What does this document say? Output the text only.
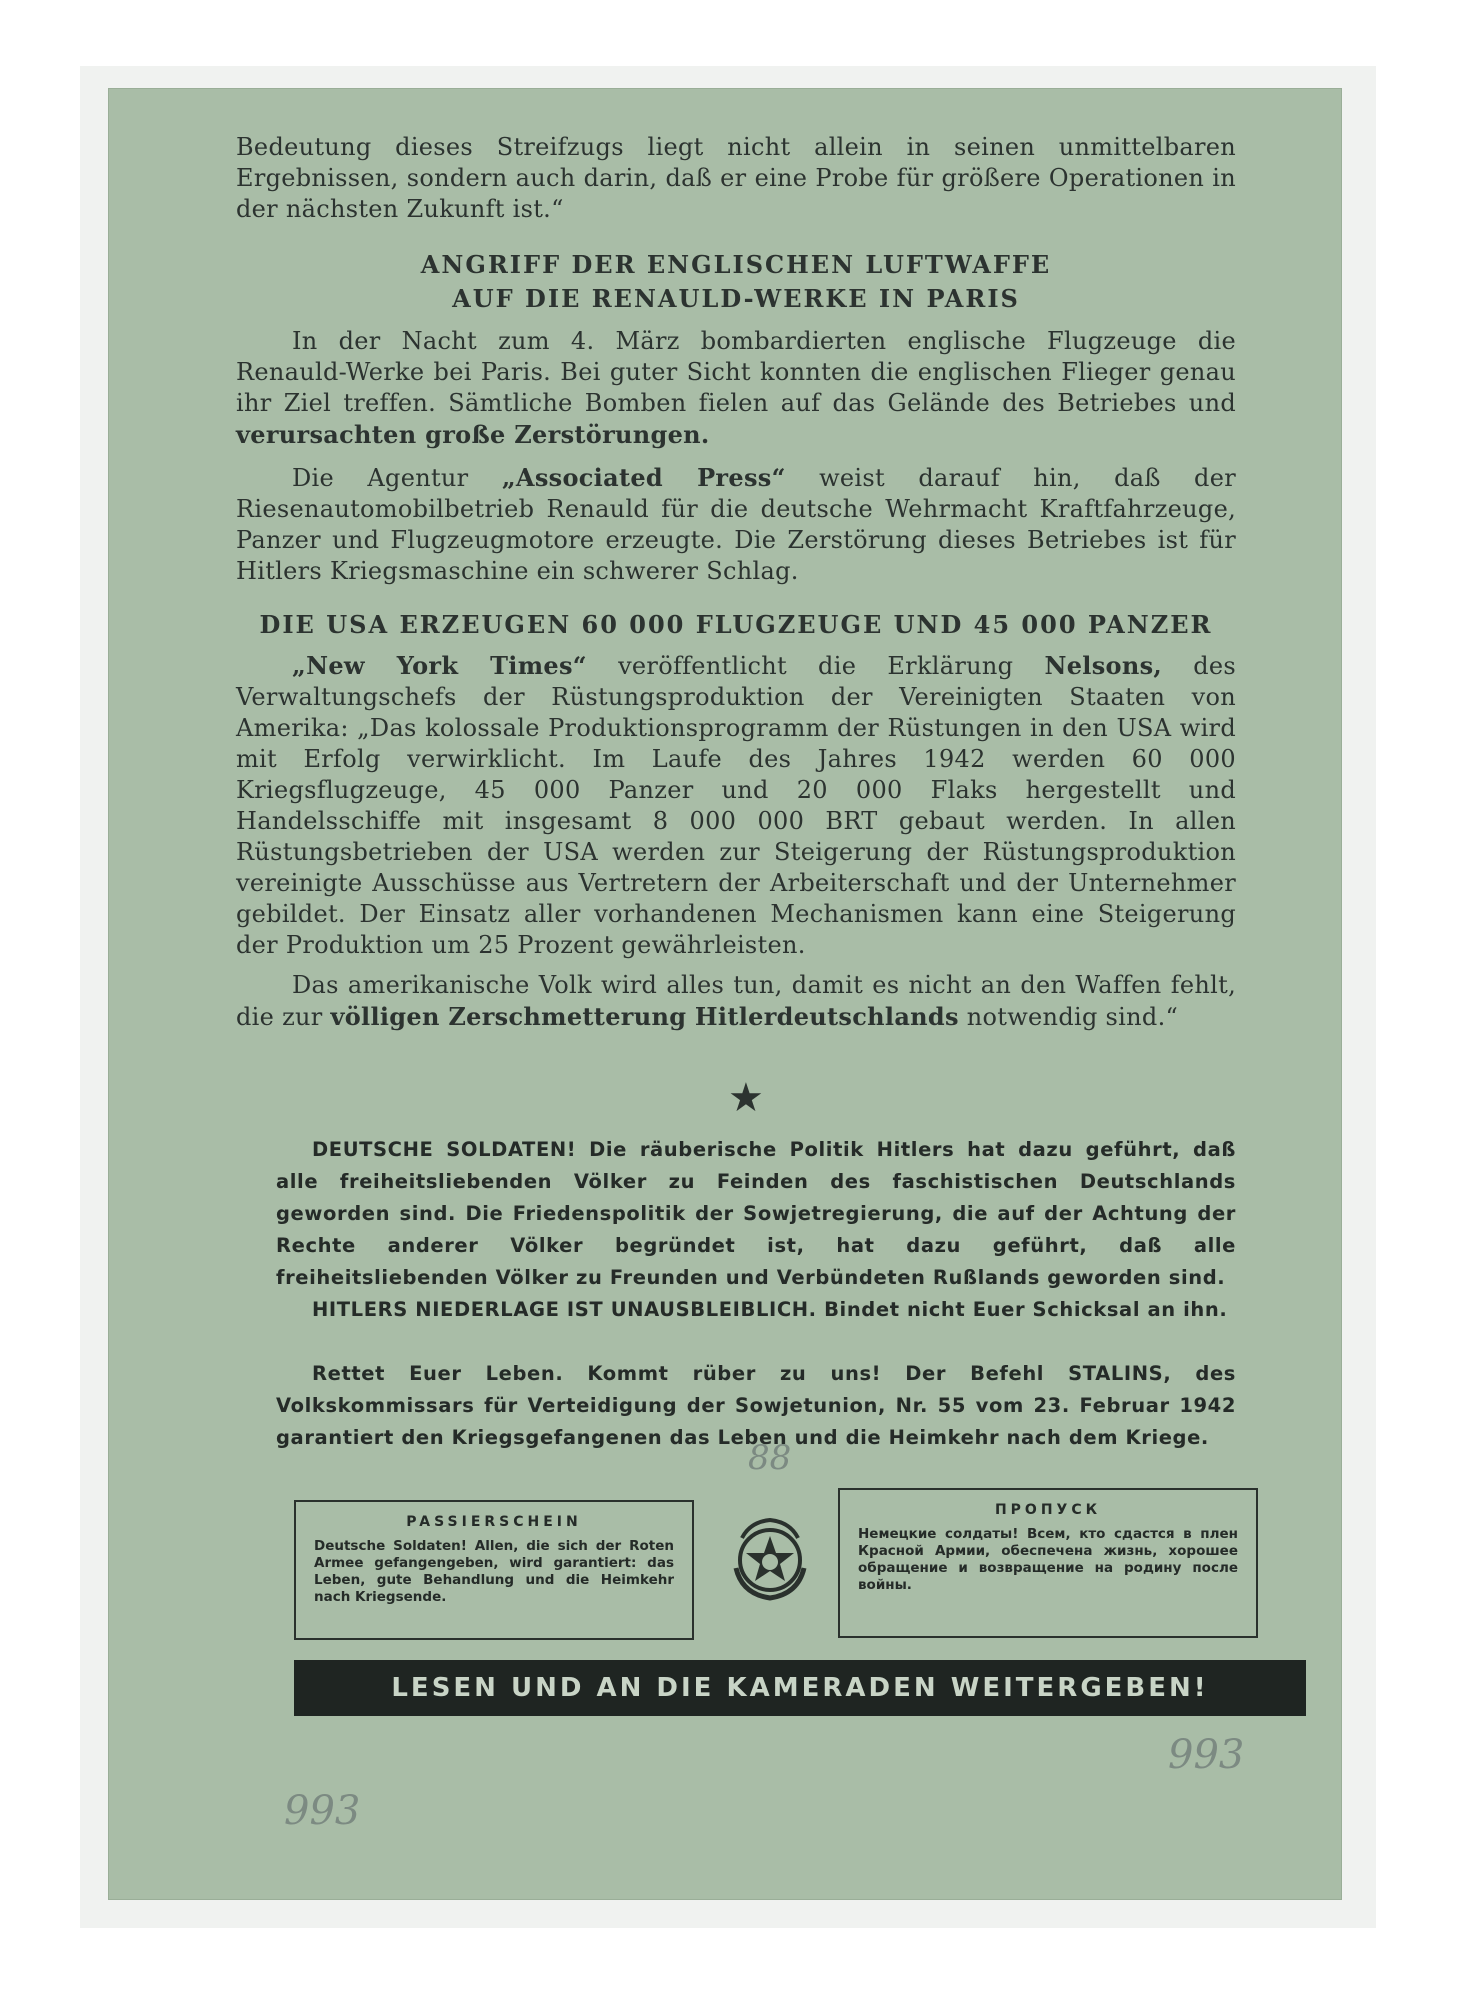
Bedeutung dieses Streifzugs liegt nicht allein in seinen unmittelbaren Ergebnissen, sondern auch darin, daß er eine Probe für größere Operationen in der nächsten Zukunft ist.“
ANGRIFF DER ENGLISCHEN LUFTWAFFE
AUF DIE RENAULD-WERKE IN PARIS
In der Nacht zum 4. März bombardierten englische Flugzeuge die Renauld-Werke bei Paris. Bei guter Sicht konnten die englischen Flieger genau ihr Ziel treffen. Sämtliche Bomben fielen auf das Gelände des Betriebes und verursachten große Zerstörungen.
Die Agentur „Associated Press“ weist darauf hin, daß der Riesenautomobilbetrieb Renauld für die deutsche Wehrmacht Kraftfahrzeuge, Panzer und Flugzeugmotore erzeugte. Die Zerstörung dieses Betriebes ist für Hitlers Kriegsmaschine ein schwerer Schlag.
DIE USA ERZEUGEN 60 000 FLUGZEUGE UND 45 000 PANZER
„New York Times“ veröffentlicht die Erklärung Nelsons, des Verwaltungschefs der Rüstungsproduktion der Vereinigten Staaten von Amerika: „Das kolossale Produktionsprogramm der Rüstungen in den USA wird mit Erfolg verwirklicht. Im Laufe des Jahres 1942 werden 60 000 Kriegsflugzeuge, 45 000 Panzer und 20 000 Flaks hergestellt und Handelsschiffe mit insgesamt 8 000 000 BRT gebaut werden. In allen Rüstungsbetrieben der USA werden zur Steigerung der Rüstungsproduktion vereinigte Ausschüsse aus Vertretern der Arbeiterschaft und der Unternehmer gebildet. Der Einsatz aller vorhandenen Mechanismen kann eine Steigerung der Produktion um 25 Prozent gewährleisten.
Das amerikanische Volk wird alles tun, damit es nicht an den Waffen fehlt, die zur völligen Zerschmetterung Hitlerdeutschlands notwendig sind.“
★
DEUTSCHE SOLDATEN! Die räuberische Politik Hitlers hat dazu geführt, daß alle freiheitsliebenden Völker zu Feinden des faschistischen Deutschlands geworden sind. Die Friedenspolitik der Sowjetregierung, die auf der Achtung der Rechte anderer Völker begründet ist, hat dazu geführt, daß alle freiheitsliebenden Völker zu Freunden und Verbündeten Rußlands geworden sind.
HITLERS NIEDERLAGE IST UNAUSBLEIBLICH. Bindet nicht Euer Schicksal an ihn.
Rettet Euer Leben. Kommt rüber zu uns! Der Befehl STALINS, des Volkskommissars für Verteidigung der Sowjetunion, Nr. 55 vom 23. Februar 1942 garantiert den Kriegsgefangenen das Leben und die Heimkehr nach dem Kriege.
PASSIERSCHEIN
Deutsche Soldaten! Allen, die sich der Roten Armee gefangengeben, wird garantiert: das Leben, gute Behandlung und die Heimkehr nach Kriegsende.
ПРОПУСК
Немецкие солдаты! Всем, кто сдастся в плен Красной Армии, обеспечена жизнь, хорошее обращение и возвращение на родину после войны.
LESEN UND AN DIE KAMERADEN WEITERGEBEN!
88
993
993
